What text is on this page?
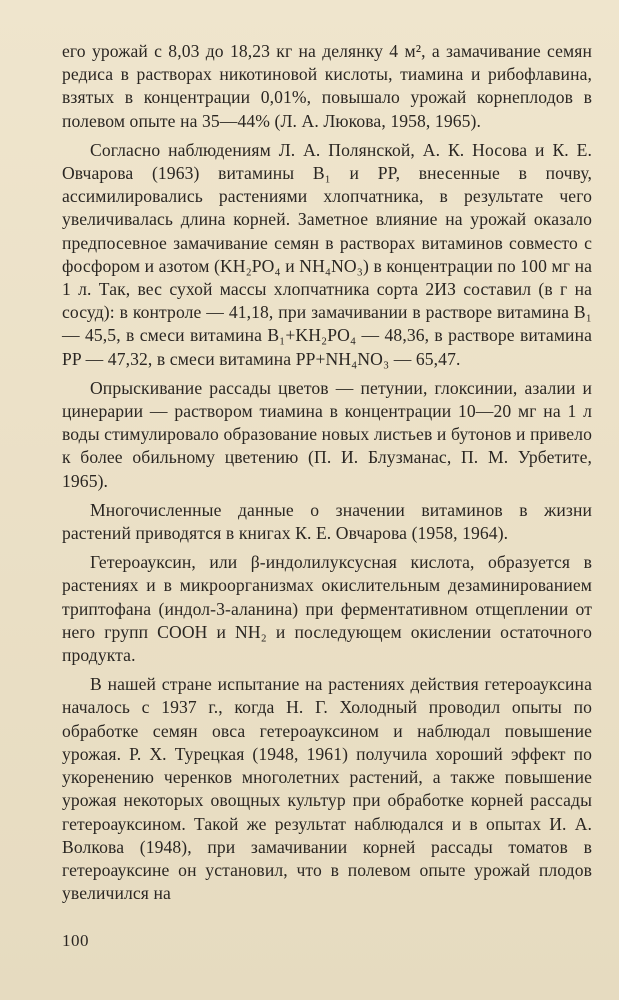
его урожай с 8,03 до 18,23 кг на делянку 4 м², а замачивание семян редиса в растворах никотиновой кислоты, тиамина и рибофлавина, взятых в концентрации 0,01%, повышало урожай корнеплодов в полевом опыте на 35—44% (Л. А. Люкова, 1958, 1965).

Согласно наблюдениям Л. А. Полянской, А. К. Носова и К. Е. Овчарова (1963) витамины B₁ и PP, внесенные в почву, ассимилировались растениями хлопчатника, в результате чего увеличивалась длина корней. Заметное влияние на урожай оказало предпосевное замачивание семян в растворах витаминов совместо с фосфором и азотом (KH₂PO₄ и NH₄NO₃) в концентрации по 100 мг на 1 л. Так, вес сухой массы хлопчатника сорта 2ИЗ составил (в г на сосуд): в контроле — 41,18, при замачивании в растворе витамина B₁ — 45,5, в смеси витамина B₁+KH₂PO₄ — 48,36, в растворе витамина PP — 47,32, в смеси витамина PP+NH₄NO₃ — 65,47.

Опрыскивание рассады цветов — петунии, глоксинии, азалии и цинерарии — раствором тиамина в концентрации 10—20 мг на 1 л воды стимулировало образование новых листьев и бутонов и привело к более обильному цветению (П. И. Блузманас, П. М. Урбетите, 1965).

Многочисленные данные о значении витаминов в жизни растений приводятся в книгах К. Е. Овчарова (1958, 1964).

Гетероауксин, или β-индолилуксусная кислота, образуется в растениях и в микроорганизмах окислительным дезаминированием триптофана (индол-3-аланина) при ферментативном отщеплении от него групп COOH и NH₂ и последующем окислении остаточного продукта.

В нашей стране испытание на растениях действия гетероауксина началось с 1937 г., когда Н. Г. Холодный проводил опыты по обработке семян овса гетероауксином и наблюдал повышение урожая. Р. Х. Турецкая (1948, 1961) получила хороший эффект по укоренению черенков многолетних растений, а также повышение урожая некоторых овощных культур при обработке корней рассады гетероауксином. Такой же результат наблюдался и в опытах И. А. Волкова (1948), при замачивании корней рассады томатов в гетероауксине он установил, что в полевом опыте урожай плодов увеличился на

100
